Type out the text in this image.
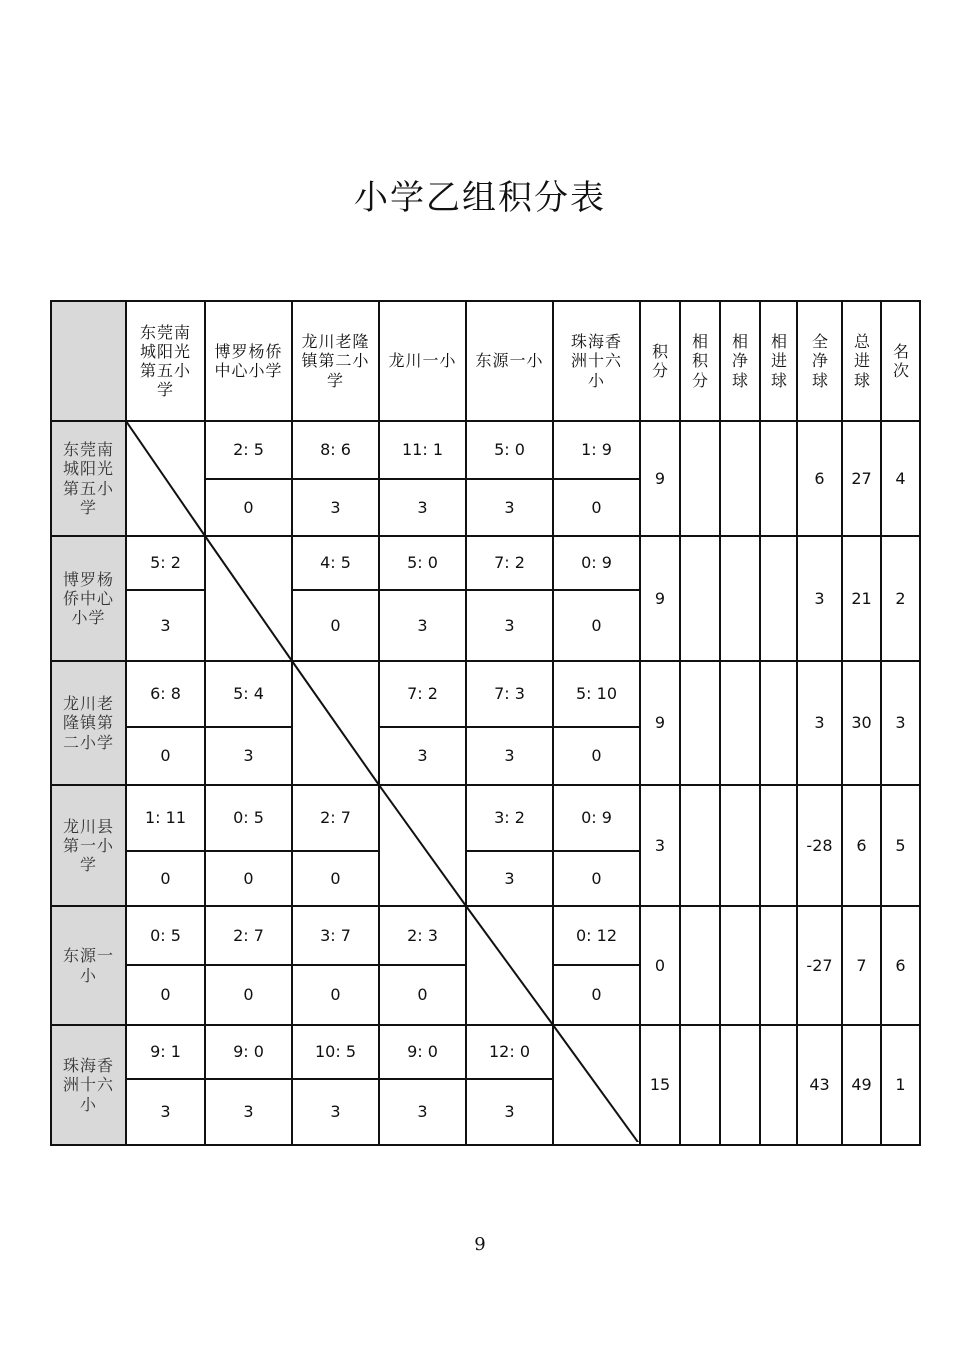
小学乙组积分表
	东莞南城阳光第五小学	博罗杨侨中心小学	龙川老隆镇第二小学	龙川一小	东源一小	珠海香洲十六小	积分	相积分	相净球	相进球	全净球	总进球	名次
东莞南城阳光第五小学		2: 5	8: 6	11: 1	5: 0	1: 9	9				6	27	4
		0	3	3	3	0							
博罗杨侨中心小学	5: 2		4: 5	5: 0	7: 2	0: 9	9				3	21	2
	3		0	3	3	0							
龙川老隆镇第二小学	6: 8	5: 4		7: 2	7: 3	5: 10	9				3	30	3
	0	3		3	3	0							
龙川县第一小学	1: 11	0: 5	2: 7		3: 2	0: 9	3				-28	6	5
	0	0	0		3	0							
东源一小	0: 5	2: 7	3: 7	2: 3		0: 12	0				-27	7	6
	0	0	0	0		0							
珠海香洲十六小	9: 1	9: 0	10: 5	9: 0	12: 0		15				43	49	1
	3	3	3	3	3								
9
